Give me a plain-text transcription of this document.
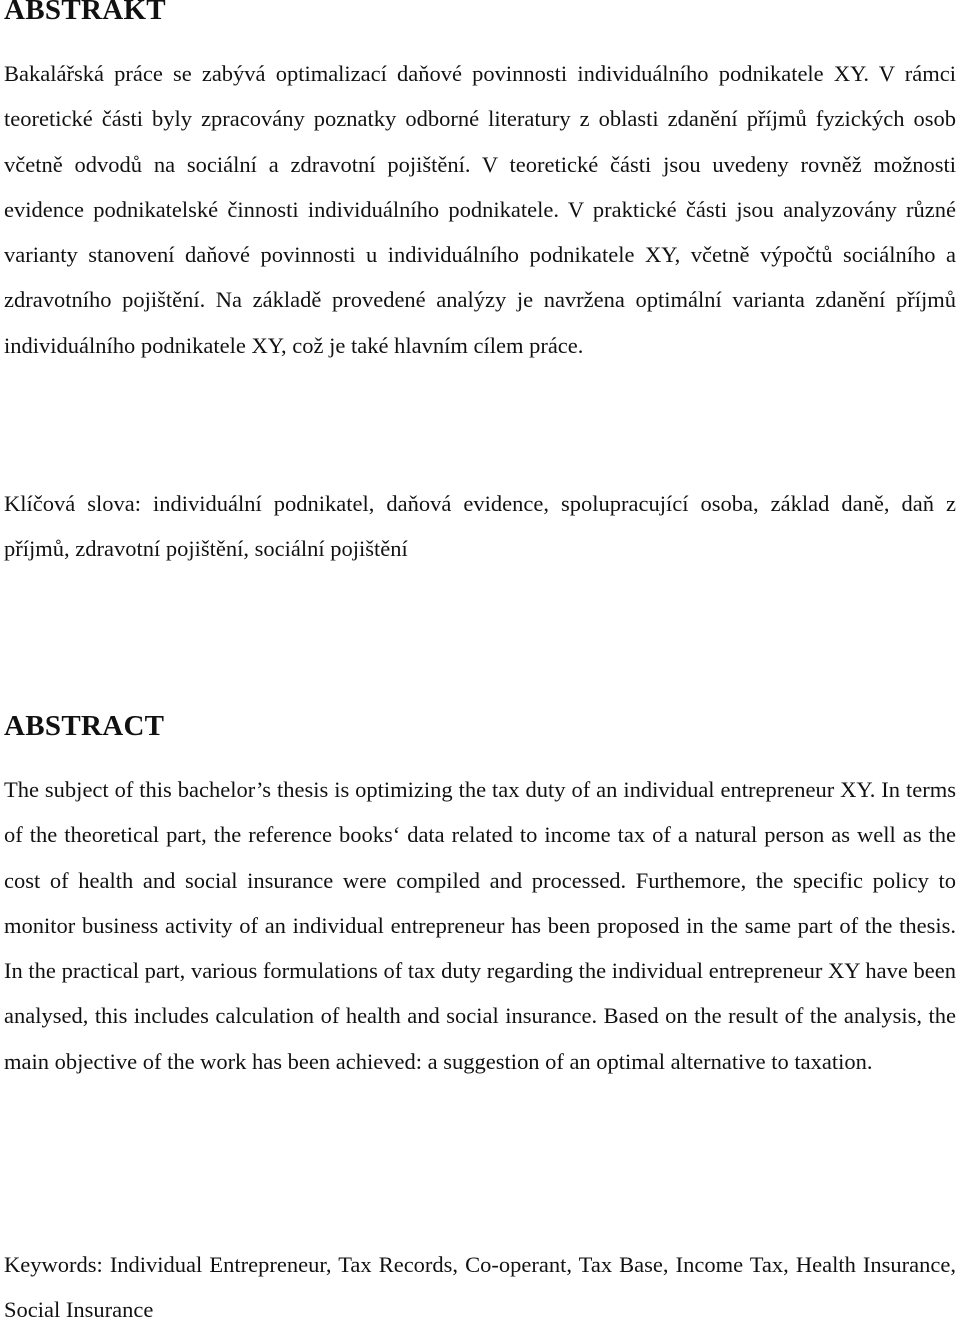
ABSTRAKT

Bakalářská práce se zabývá optimalizací daňové povinnosti individuálního podnikatele XY. V rámci teoretické části byly zpracovány poznatky odborné literatury z oblasti zdanění příjmů fyzických osob včetně odvodů na sociální a zdravotní pojištění. V teoretické části jsou uvedeny rovněž možnosti evidence podnikatelské činnosti individuálního podnikatele. V praktické části jsou analyzovány různé varianty stanovení daňové povinnosti u individuálního podnikatele XY, včetně výpočtů sociálního a zdravotního pojištění. Na základě provedené analýzy je navržena optimální varianta zdanění příjmů individuálního podnikatele XY, což je také hlavním cílem práce.

Klíčová slova: individuální podnikatel, daňová evidence, spolupracující osoba, základ daně, daň z příjmů, zdravotní pojištění, sociální pojištění

ABSTRACT

The subject of this bachelor’s thesis is optimizing the tax duty of an individual entrepreneur XY. In terms of the theoretical part, the reference books‘ data related to income tax of a natural person as well as the cost of health and social insurance were compiled and processed. Furthemore, the specific policy to monitor business activity of an individual entrepreneur has been proposed in the same part of the thesis. In the practical part, various formulations of tax duty regarding the individual entrepreneur XY have been analysed, this includes calculation of health and social insurance. Based on the result of the analysis, the main objective of the work has been achieved: a suggestion of an optimal alternative to taxation.

Keywords: Individual Entrepreneur, Tax Records, Co-operant, Tax Base, Income Tax, Health Insurance, Social Insurance
